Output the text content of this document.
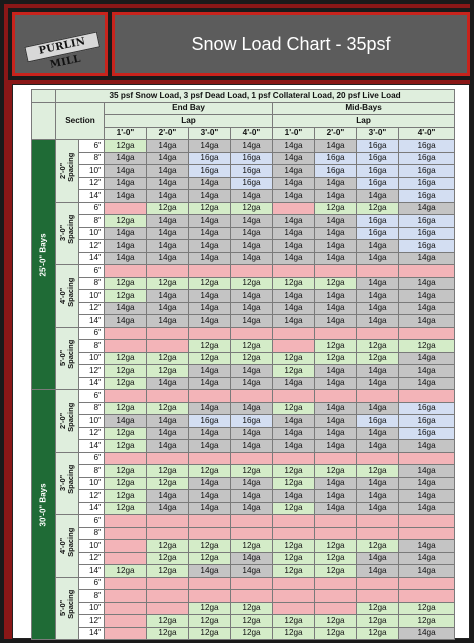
PURLIN MILL
Snow Load Chart - 35psf
	35 psf Snow Load, 3 psf Dead Load, 1 psf Collateral Load, 20 psf Live Load									
	Section		End Bay				Mid-Bays			
			Lap				Lap			
			1'-0"	2'-0"	3'-0"	4'-0"	1'-0"	2'-0"	3'-0"	4'-0"

25'-0" Bays	2'-0"
Spacing	6"	12ga	14ga	14ga	14ga	14ga	14ga	16ga	16ga
		8"	14ga	14ga	16ga	16ga	14ga	16ga	16ga	16ga
		10"	14ga	14ga	16ga	16ga	14ga	16ga	16ga	16ga
		12"	14ga	14ga	14ga	16ga	14ga	14ga	16ga	16ga
		14"	14ga	14ga	14ga	14ga	14ga	14ga	14ga	16ga

	3'-0"
Spacing	6"		12ga	12ga	12ga		12ga	12ga	14ga
		8"	12ga	14ga	14ga	14ga	14ga	14ga	16ga	16ga
		10"	14ga	14ga	14ga	14ga	14ga	14ga	16ga	16ga
		12"	14ga	14ga	14ga	14ga	14ga	14ga	14ga	16ga
		14"	14ga	14ga	14ga	14ga	14ga	14ga	14ga	14ga

	4'-0"
Spacing	6"								
		8"	12ga	12ga	12ga	12ga	12ga	12ga	14ga	14ga
		10"	12ga	14ga	14ga	14ga	14ga	14ga	14ga	14ga
		12"	14ga	14ga	14ga	14ga	14ga	14ga	14ga	14ga
		14"	14ga	14ga	14ga	14ga	14ga	14ga	14ga	14ga

	5'-0"
Spacing	6"								
		8"			12ga	12ga		12ga	12ga	12ga
		10"	12ga	12ga	12ga	12ga	12ga	12ga	12ga	14ga
		12"	12ga	12ga	14ga	14ga	12ga	14ga	14ga	14ga
		14"	12ga	14ga	14ga	14ga	14ga	14ga	14ga	14ga

30'-0" Bays	2'-0"
Spacing	6"								
		8"	12ga	12ga	14ga	14ga	12ga	14ga	14ga	16ga
		10"	14ga	14ga	16ga	16ga	14ga	14ga	16ga	16ga
		12"	12ga	14ga	14ga	14ga	14ga	14ga	14ga	16ga
		14"	12ga	14ga	14ga	14ga	14ga	14ga	14ga	14ga

	3'-0"
Spacing	6"								
		8"	12ga	12ga	12ga	12ga	12ga	12ga	12ga	14ga
		10"	12ga	12ga	14ga	14ga	12ga	14ga	14ga	14ga
		12"	12ga	14ga	14ga	14ga	14ga	14ga	14ga	14ga
		14"	12ga	14ga	14ga	14ga	12ga	14ga	14ga	14ga

	4'-0"
Spacing	6"								
		8"								
		10"		12ga	12ga	12ga	12ga	12ga	12ga	14ga
		12"		12ga	12ga	14ga	12ga	12ga	14ga	14ga
		14"	12ga	12ga	14ga	14ga	12ga	12ga	14ga	14ga

	5'-0"
Spacing	6"								
		8"								
		10"			12ga	12ga			12ga	12ga
		12"		12ga	12ga	12ga	12ga	12ga	12ga	12ga
		14"		12ga	12ga	12ga	12ga	12ga	12ga	14ga
